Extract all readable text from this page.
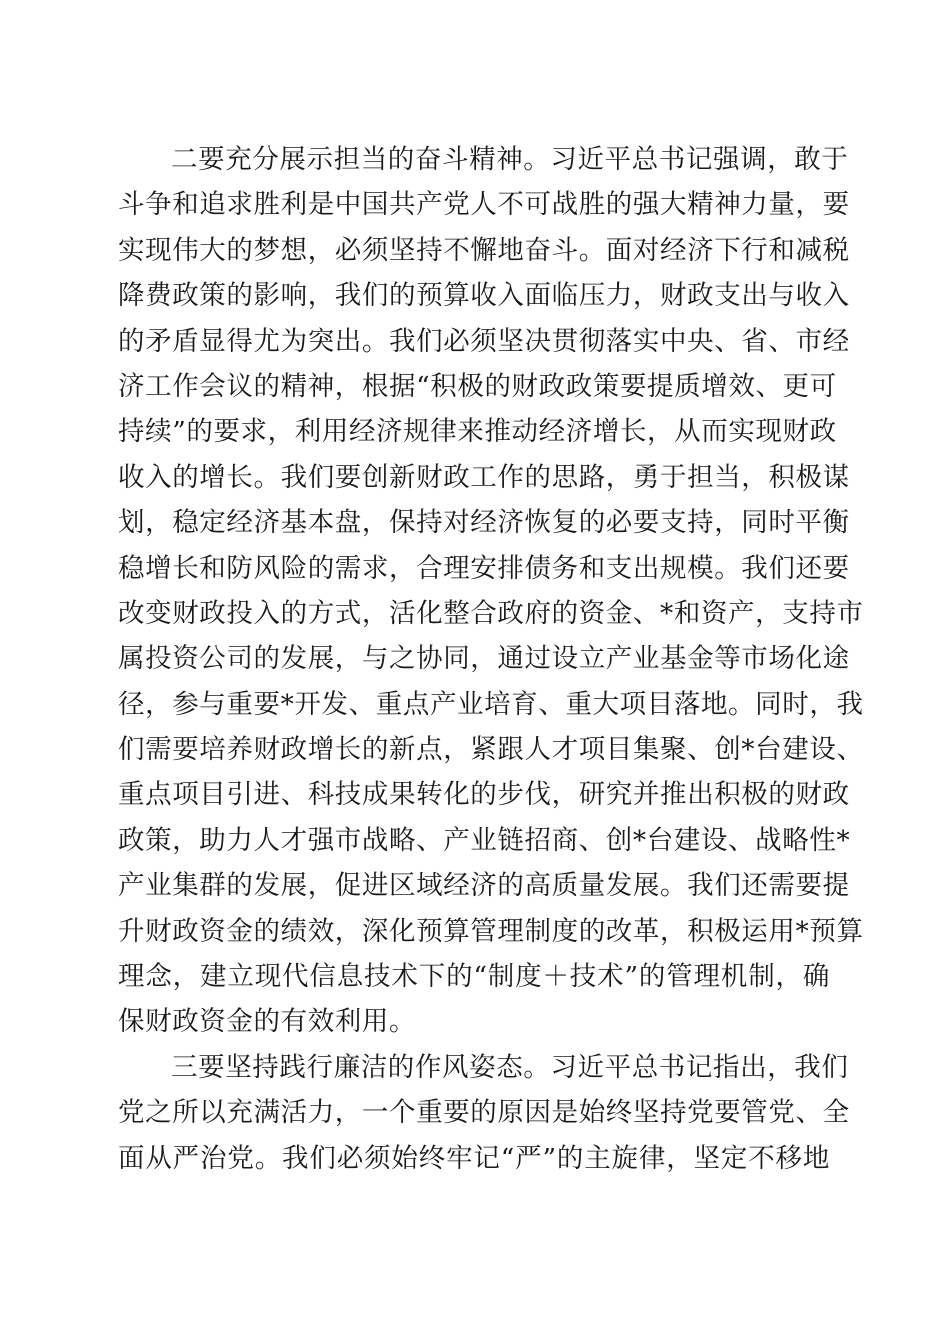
二要充分展示担当的奋斗精神。习近平总书记强调，敢于
斗争和追求胜利是中国共产党人不可战胜的强大精神力量，要
实现伟大的梦想，必须坚持不懈地奋斗。面对经济下行和减税
降费政策的影响，我们的预算收入面临压力，财政支出与收入
的矛盾显得尤为突出。我们必须坚决贯彻落实中央、省、市经
济工作会议的精神，根据“积极的财政政策要提质增效、更可
持续”的要求，利用经济规律来推动经济增长，从而实现财政
收入的增长。我们要创新财政工作的思路，勇于担当，积极谋
划，稳定经济基本盘，保持对经济恢复的必要支持，同时平衡
稳增长和防风险的需求，合理安排债务和支出规模。我们还要
改变财政投入的方式，活化整合政府的资金、*和资产，支持市
属投资公司的发展，与之协同，通过设立产业基金等市场化途
径，参与重要*开发、重点产业培育、重大项目落地。同时，我
们需要培养财政增长的新点，紧跟人才项目集聚、创*台建设、
重点项目引进、科技成果转化的步伐，研究并推出积极的财政
政策，助力人才强市战略、产业链招商、创*台建设、战略性*
产业集群的发展，促进区域经济的高质量发展。我们还需要提
升财政资金的绩效，深化预算管理制度的改革，积极运用*预算
理念，建立现代信息技术下的“制度＋技术”的管理机制，确
保财政资金的有效利用。
三要坚持践行廉洁的作风姿态。习近平总书记指出，我们
党之所以充满活力，一个重要的原因是始终坚持党要管党、全
面从严治党。我们必须始终牢记“严”的主旋律，坚定不移地
